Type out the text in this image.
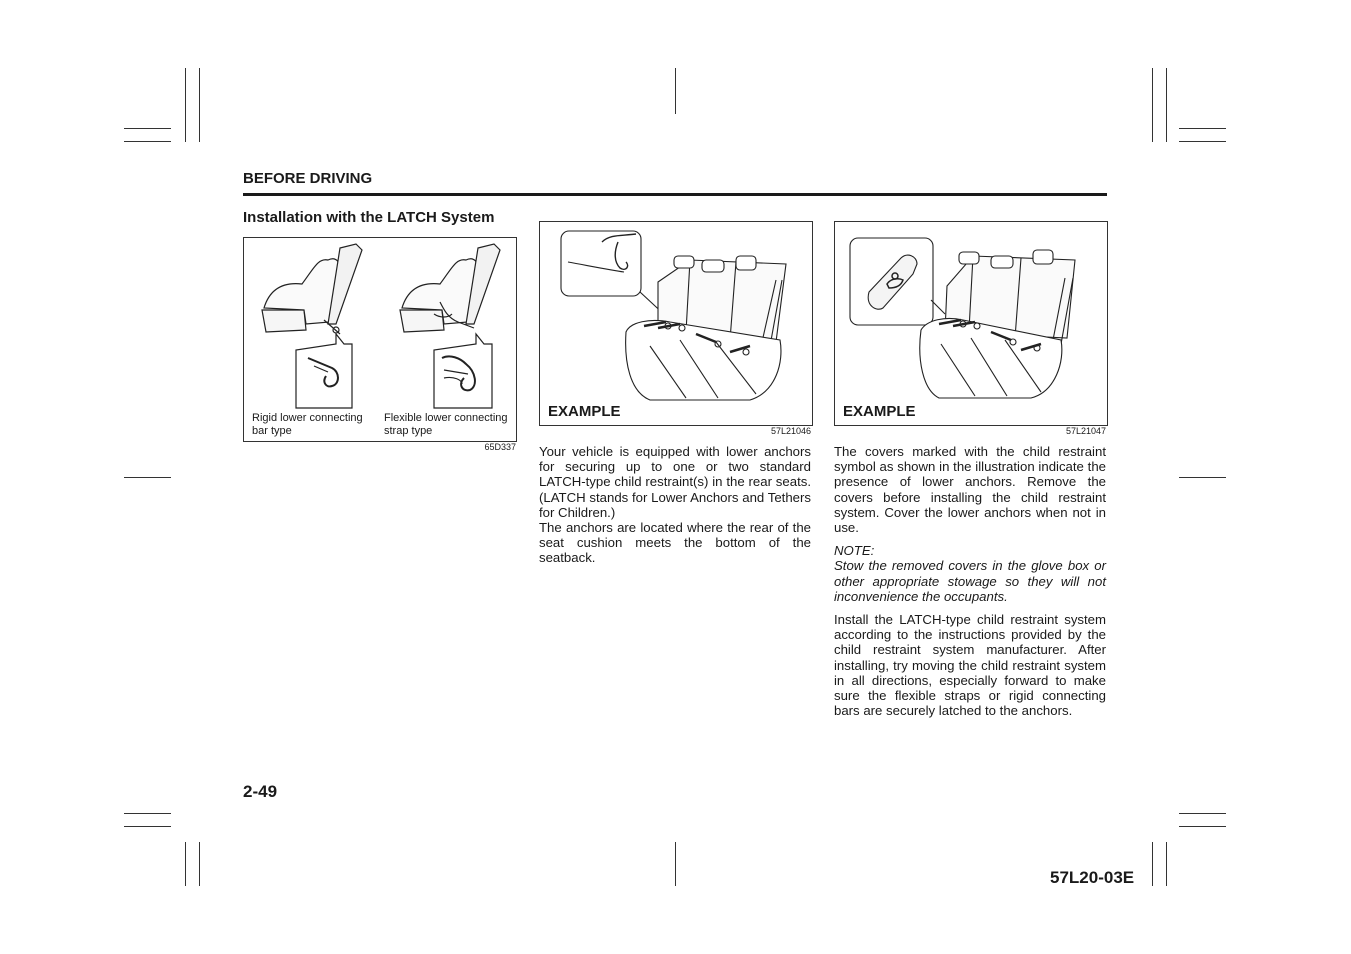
BEFORE DRIVING
Installation with the LATCH System
Rigid lower connecting
bar type
Flexible lower connecting
strap type
65D337
EXAMPLE
57L21046
EXAMPLE
57L21047

Your vehicle is equipped with lower anchors for securing up to one or two standard LATCH-type child restraint(s) in the rear seats. (LATCH stands for Lower Anchors and Tethers for Children.)

The anchors are located where the rear of the seat cushion meets the bottom of the seatback.

The covers marked with the child restraint symbol as shown in the illustration indicate the presence of lower anchors. Remove the covers before installing the child restraint system. Cover the lower anchors when not in use.

NOTE:

Stow the removed covers in the glove box or other appropriate stowage so they will not inconvenience the occupants.

Install the LATCH-type child restraint system according to the instructions provided by the child restraint system manufacturer. After installing, try moving the child restraint system in all directions, especially forward to make sure the flexible straps or rigid connecting bars are securely latched to the anchors.

2-49
57L20-03E
